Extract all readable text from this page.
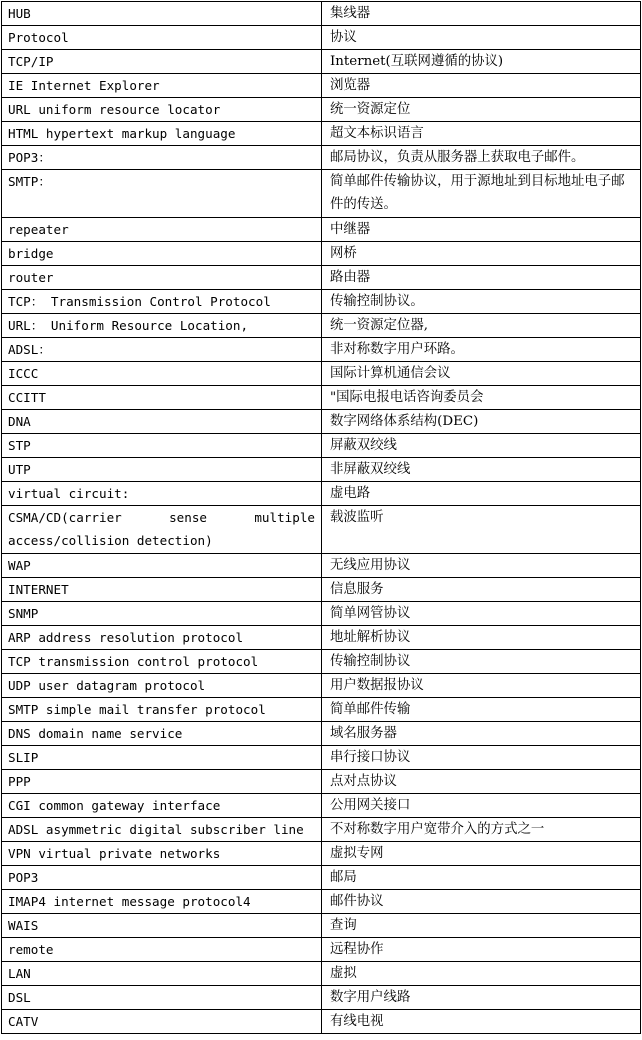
HUB	集线器
Protocol	协议
TCP/IP	Internet(互联网遵循的协议)
IE Internet Explorer	浏览器
URL uniform resource locator	统一资源定位
HTML hypertext markup language	超文本标识语言
POP3：	邮局协议，负责从服务器上获取电子邮件。
SMTP：	简单邮件传输协议，用于源地址到目标地址电子邮件的传送。
repeater	中继器
bridge	网桥
router	路由器
TCP： Transmission Control Protocol	传输控制协议。
URL： Uniform Resource Location,	统一资源定位器,
ADSL：	非对称数字用户环路。
ICCC	国际计算机通信会议
CCITT	"国际电报电话咨询委员会
DNA	数字网络体系结构(DEC)
STP	屏蔽双绞线
UTP	非屏蔽双绞线
virtual circuit:	虚电路
CSMA/CD(carrier sense multiple access/collision detection)	载波监听
WAP	无线应用协议
INTERNET	信息服务
SNMP	简单网管协议
ARP address resolution protocol	地址解析协议
TCP transmission control protocol	传输控制协议
UDP user datagram protocol	用户数据报协议
SMTP simple mail transfer protocol	简单邮件传输
DNS domain name service	域名服务器
SLIP	串行接口协议
PPP	点对点协议
CGI common gateway interface	公用网关接口
ADSL asymmetric digital subscriber line	不对称数字用户宽带介入的方式之一
VPN virtual private networks	虚拟专网
POP3	邮局
IMAP4 internet message protocol4	邮件协议
WAIS	查询
remote	远程协作
LAN	虚拟
DSL	数字用户线路
CATV	有线电视
